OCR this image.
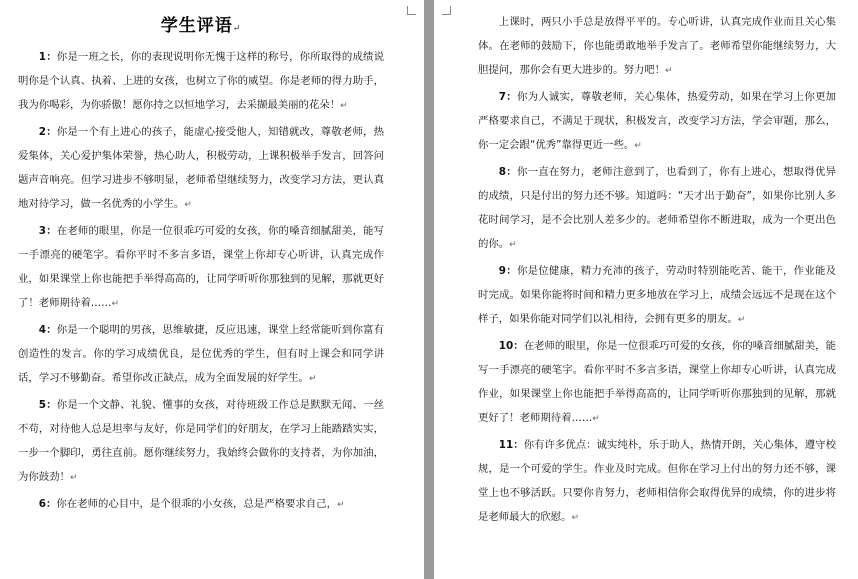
学生评语↵

1：你是一班之长，你的表现说明你无愧于这样的称号，你所取得的成绩说明你是个认真、执着、上进的女孩，也树立了你的威望。你是老师的得力助手，我为你喝彩，为你骄傲！愿你持之以恒地学习，去采撷最美丽的花朵！↵

2：你是一个有上进心的孩子，能虚心接受他人，知错就改，尊敬老师，热爱集体，关心爱护集体荣誉，热心助人，积极劳动，上课积极举手发言，回答问题声音响亮。但学习进步不够明显，老师希望继续努力，改变学习方法，更认真地对待学习，做一名优秀的小学生。↵

3：在老师的眼里，你是一位很乖巧可爱的女孩，你的嗓音细腻甜美，能写一手漂亮的硬笔字。看你平时不多言多语，课堂上你却专心听讲，认真完成作业，如果课堂上你也能把手举得高高的，让同学听听你那独到的见解，那就更好了！老师期待着……↵

4：你是一个聪明的男孩，思维敏捷，反应迅速，课堂上经常能听到你富有创造性的发言。你的学习成绩优良，是位优秀的学生，但有时上课会和同学讲话，学习不够勤奋。希望你改正缺点，成为全面发展的好学生。↵

5：你是一个文静、礼貌、懂事的女孩，对待班级工作总是默默无闻、一丝不苟，对待他人总是坦率与友好，你是同学们的好朋友，在学习上能踏踏实实，一步一个脚印，勇往直前。愿你继续努力，我始终会做你的支持者，为你加油，为你鼓劲！↵

6：你在老师的心目中，是个很乖的小女孩，总是严格要求自己，↵

上课时，两只小手总是放得平平的。专心听讲，认真完成作业而且关心集体。在老师的鼓励下，你也能勇敢地举手发言了。老师希望你能继续努力，大胆提问，那你会有更大进步的。努力吧！↵

7：你为人诚实，尊敬老师，关心集体，热爱劳动，如果在学习上你更加严格要求自己，不满足于现状，积极发言，改变学习方法，学会审题，那么，你一定会跟“优秀”靠得更近一些。↵

8：你一直在努力，老师注意到了，也看到了，你有上进心，想取得优异的成绩，只是付出的努力还不够。知道吗：“天才出于勤奋”，如果你比别人多花时间学习，是不会比别人差多少的。老师希望你不断进取，成为一个更出色的你。↵

9：你是位健康，精力充沛的孩子，劳动时特别能吃苦、能干，作业能及时完成。如果你能将时间和精力更多地放在学习上，成绩会远远不是现在这个样子，如果你能对同学们以礼相待，会拥有更多的朋友。↵

10：在老师的眼里，你是一位很乖巧可爱的女孩，你的嗓音细腻甜美，能写一手漂亮的硬笔字。看你平时不多言多语，课堂上你却专心听讲，认真完成作业，如果课堂上你也能把手举得高高的，让同学听听你那独到的见解，那就更好了！老师期待着……↵

11：你有许多优点：诚实纯朴，乐于助人，热情开朗，关心集体，遵守校规，是一个可爱的学生。作业及时完成。但你在学习上付出的努力还不够，课堂上也不够活跃。只要你肯努力，老师相信你会取得优异的成绩，你的进步将是老师最大的欣慰。↵
